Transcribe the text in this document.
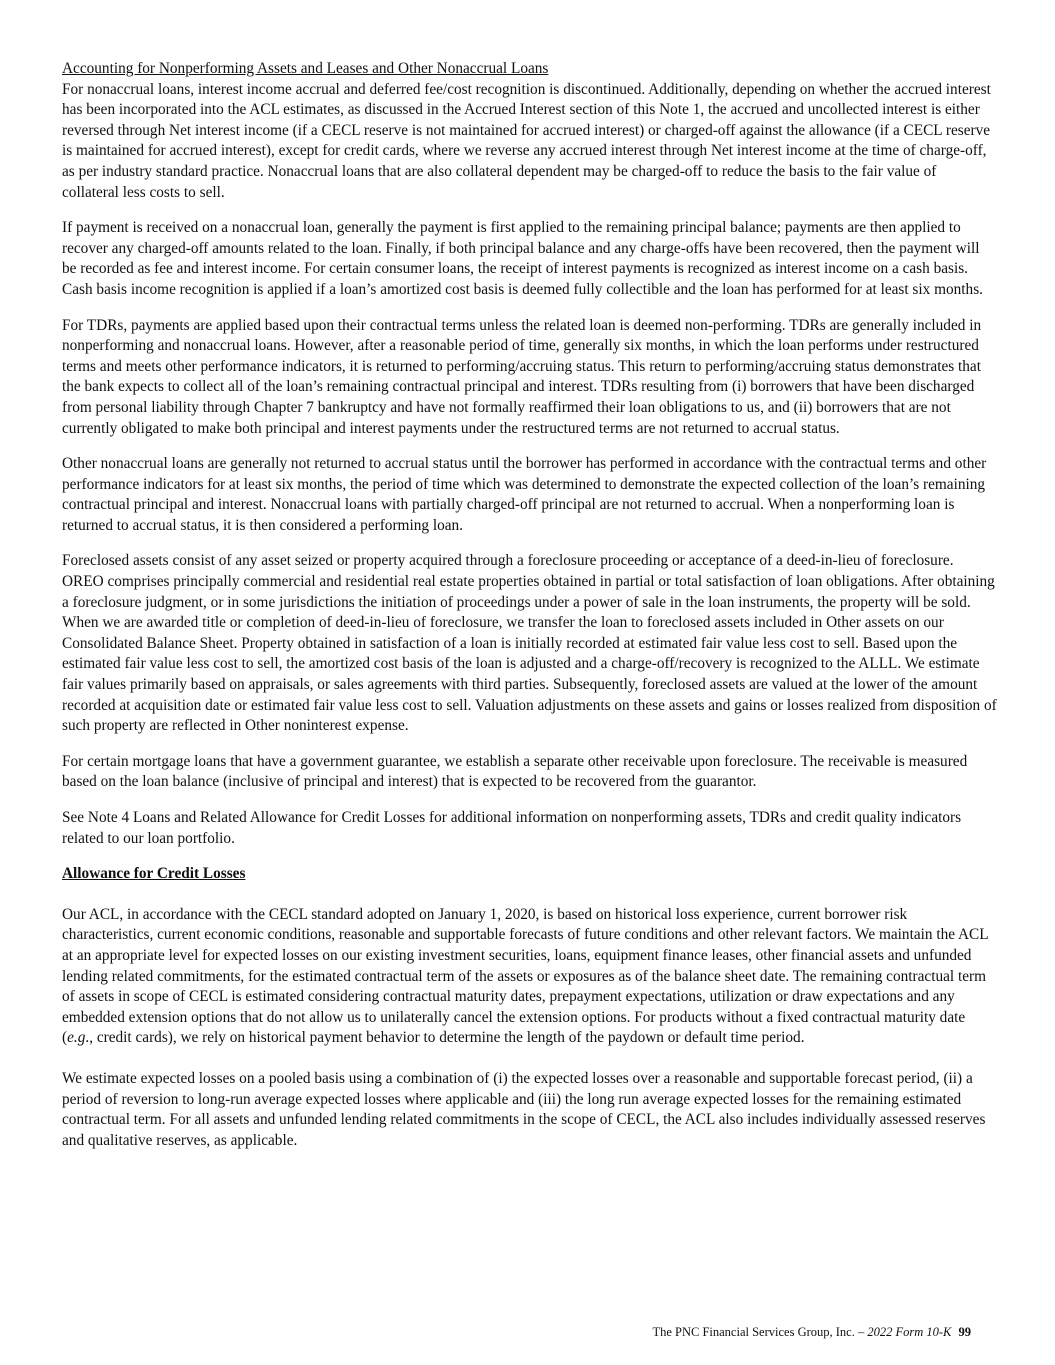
Accounting for Nonperforming Assets and Leases and Other Nonaccrual Loans

For nonaccrual loans, interest income accrual and deferred fee/cost recognition is discontinued. Additionally, depending on whether the accrued interest has been incorporated into the ACL estimates, as discussed in the Accrued Interest section of this Note 1, the accrued and uncollected interest is either reversed through Net interest income (if a CECL reserve is not maintained for accrued interest) or charged-off against the allowance (if a CECL reserve is maintained for accrued interest), except for credit cards, where we reverse any accrued interest through Net interest income at the time of charge-off, as per industry standard practice. Nonaccrual loans that are also collateral dependent may be charged-off to reduce the basis to the fair value of collateral less costs to sell.

If payment is received on a nonaccrual loan, generally the payment is first applied to the remaining principal balance; payments are then applied to recover any charged-off amounts related to the loan. Finally, if both principal balance and any charge-offs have been recovered, then the payment will be recorded as fee and interest income. For certain consumer loans, the receipt of interest payments is recognized as interest income on a cash basis. Cash basis income recognition is applied if a loan’s amortized cost basis is deemed fully collectible and the loan has performed for at least six months.

For TDRs, payments are applied based upon their contractual terms unless the related loan is deemed non-performing. TDRs are generally included in nonperforming and nonaccrual loans. However, after a reasonable period of time, generally six months, in which the loan performs under restructured terms and meets other performance indicators, it is returned to performing/accruing status. This return to performing/accruing status demonstrates that the bank expects to collect all of the loan’s remaining contractual principal and interest. TDRs resulting from (i) borrowers that have been discharged from personal liability through Chapter 7 bankruptcy and have not formally reaffirmed their loan obligations to us, and (ii) borrowers that are not currently obligated to make both principal and interest payments under the restructured terms are not returned to accrual status.

Other nonaccrual loans are generally not returned to accrual status until the borrower has performed in accordance with the contractual terms and other performance indicators for at least six months, the period of time which was determined to demonstrate the expected collection of the loan’s remaining contractual principal and interest. Nonaccrual loans with partially charged-off principal are not returned to accrual. When a nonperforming loan is returned to accrual status, it is then considered a performing loan.

Foreclosed assets consist of any asset seized or property acquired through a foreclosure proceeding or acceptance of a deed-in-lieu of foreclosure. OREO comprises principally commercial and residential real estate properties obtained in partial or total satisfaction of loan obligations. After obtaining a foreclosure judgment, or in some jurisdictions the initiation of proceedings under a power of sale in the loan instruments, the property will be sold. When we are awarded title or completion of deed-in-lieu of foreclosure, we transfer the loan to foreclosed assets included in Other assets on our Consolidated Balance Sheet. Property obtained in satisfaction of a loan is initially recorded at estimated fair value less cost to sell. Based upon the estimated fair value less cost to sell, the amortized cost basis of the loan is adjusted and a charge-off/recovery is recognized to the ALLL. We estimate fair values primarily based on appraisals, or sales agreements with third parties. Subsequently, foreclosed assets are valued at the lower of the amount recorded at acquisition date or estimated fair value less cost to sell. Valuation adjustments on these assets and gains or losses realized from disposition of such property are reflected in Other noninterest expense.

For certain mortgage loans that have a government guarantee, we establish a separate other receivable upon foreclosure. The receivable is measured based on the loan balance (inclusive of principal and interest) that is expected to be recovered from the guarantor.

See Note 4 Loans and Related Allowance for Credit Losses for additional information on nonperforming assets, TDRs and credit quality indicators related to our loan portfolio.

Allowance for Credit Losses

Our ACL, in accordance with the CECL standard adopted on January 1, 2020, is based on historical loss experience, current borrower risk characteristics, current economic conditions, reasonable and supportable forecasts of future conditions and other relevant factors. We maintain the ACL at an appropriate level for expected losses on our existing investment securities, loans, equipment finance leases, other financial assets and unfunded lending related commitments, for the estimated contractual term of the assets or exposures as of the balance sheet date. The remaining contractual term of assets in scope of CECL is estimated considering contractual maturity dates, prepayment expectations, utilization or draw expectations and any embedded extension options that do not allow us to unilaterally cancel the extension options. For products without a fixed contractual maturity date (e.g., credit cards), we rely on historical payment behavior to determine the length of the paydown or default time period.

We estimate expected losses on a pooled basis using a combination of (i) the expected losses over a reasonable and supportable forecast period, (ii) a period of reversion to long-run average expected losses where applicable and (iii) the long run average expected losses for the remaining estimated contractual term. For all assets and unfunded lending related commitments in the scope of CECL, the ACL also includes individually assessed reserves and qualitative reserves, as applicable.

The PNC Financial Services Group, Inc. – 2022 Form 10-K 99
